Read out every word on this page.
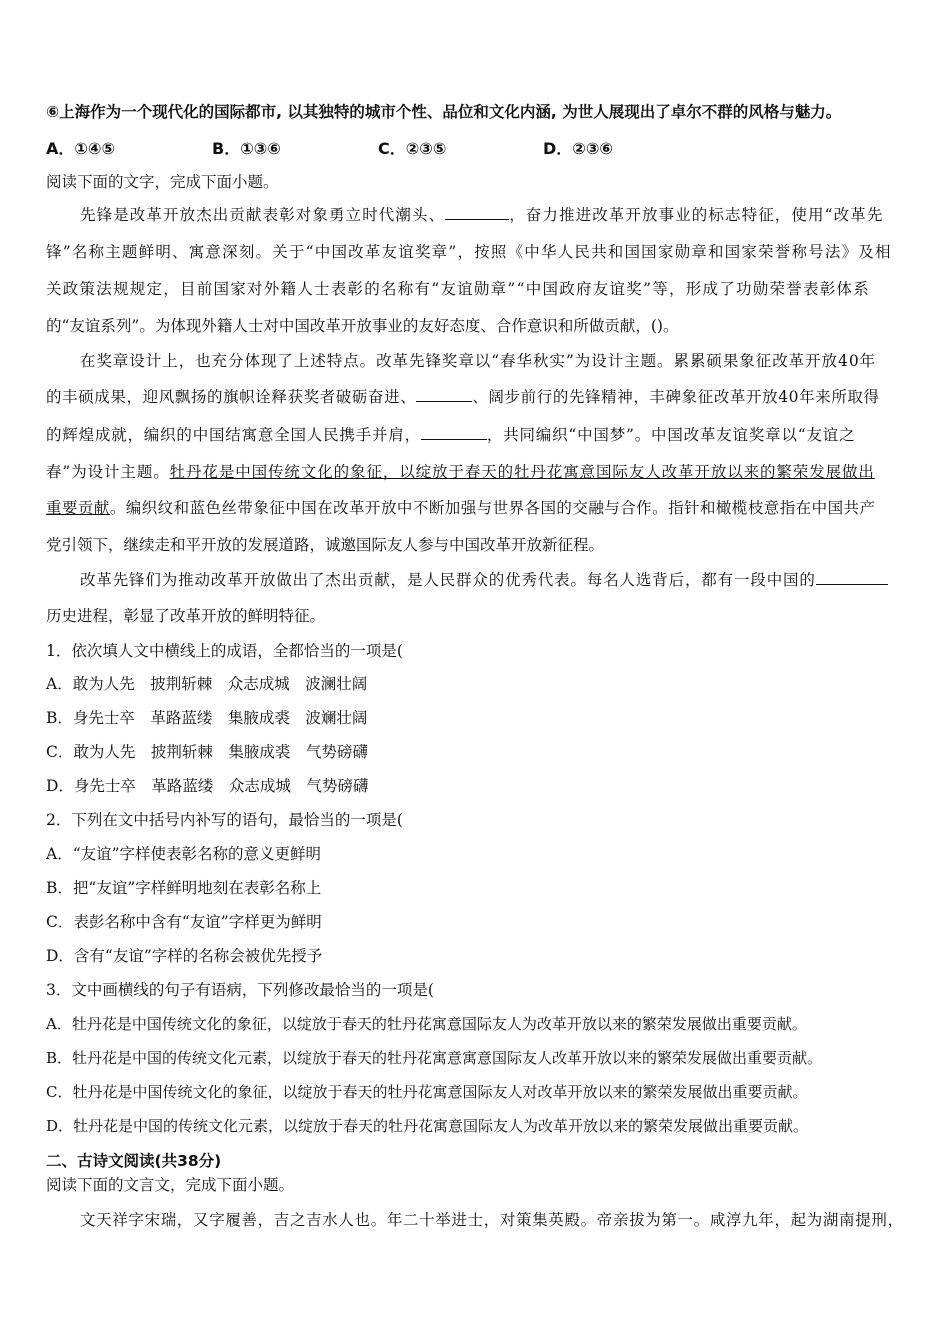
⑥上海作为一个现代化的国际都市, 以其独特的城市个性、品位和文化内涵, 为世人展现出了卓尔不群的风格与魅力。
A．①④⑤	B．①③⑥	C．②③⑤	D．②③⑥
阅读下面的文字，完成下面小题。
先锋是改革开放杰出贡献表彰对象勇立时代潮头、	，奋力推进改革开放事业的标志特征，使用“改革先
锋”名称主题鲜明、寓意深刻。关于“中国改革友谊奖章”，按照《中华人民共和国国家勋章和国家荣誉称号法》及相
关政策法规规定，目前国家对外籍人士表彰的名称有“友谊勋章”“中国政府友谊奖”等，形成了功勋荣誉表彰体系
的“友谊系列”。为体现外籍人士对中国改革开放事业的友好态度、合作意识和所做贡献，()。
在奖章设计上，也充分体现了上述特点。改革先锋奖章以“春华秋实”为设计主题。累累硕果象征改革开放40年
的丰硕成果，迎风飘扬的旗帜诠释获奖者破砺奋进、	、阔步前行的先锋精神，丰碑象征改革开放40年来所取得
的辉煌成就，编织的中国结寓意全国人民携手并肩，	，共同编织“中国梦”。中国改革友谊奖章以“友谊之
春”为设计主题。牡丹花是中国传统文化的象征，以绽放于春天的牡丹花寓意国际友人改革开放以来的繁荣发展做出
重要贡献。编织纹和蓝色丝带象征中国在改革开放中不断加强与世界各国的交融与合作。指针和橄榄枝意指在中国共产
党引领下，继续走和平开放的发展道路，诚邀国际友人参与中国改革开放新征程。
改革先锋们为推动改革开放做出了杰出贡献，是人民群众的优秀代表。每名人选背后，都有一段中国的
历史进程，彰显了改革开放的鲜明特征。
1．依次填人文中横线上的成语，全都恰当的一项是(
A．敢为人先　披荆斩棘　众志成城　波澜壮阔
B．身先士卒　革路蓝缕　集腋成裘　波斓壮阔
C．敢为人先　披荆斩棘　集腋成裘　气势磅礴
D．身先士卒　革路蓝缕　众志成城　气势磅礴
2．下列在文中括号内补写的语句，最恰当的一项是(
A．“友谊”字样使表彰名称的意义更鲜明
B．把“友谊”字样鲜明地刻在表彰名称上
C．表彭名称中含有“友谊”字样更为鲜明
D．含有“友谊”字样的名称会被优先授予
3．文中画横线的句子有语病，下列修改最恰当的一项是(
A．牡丹花是中国传统文化的象征，以绽放于春天的牡丹花寓意国际友人为改革开放以来的繁荣发展做出重要贡献。
B．牡丹花是中国的传统文化元素，以绽放于春天的牡丹花寓意寓意国际友人改革开放以来的繁荣发展做出重要贡献。
C．牡丹花是中国传统文化的象征，以绽放于春天的牡丹花寓意国际友人对改革开放以来的繁荣发展做出重要贡献。
D．牡丹花是中国的传统文化元素，以绽放于春天的牡丹花寓意国际友人为改革开放以来的繁荣发展做出重要贡献。
二、古诗文阅读(共38分)
阅读下面的文言文，完成下面小题。
文天祥字宋瑞，又字履善，吉之吉水人也。年二十举进士，对策集英殿。帝亲拔为第一。咸淳九年，起为湖南提刑，
